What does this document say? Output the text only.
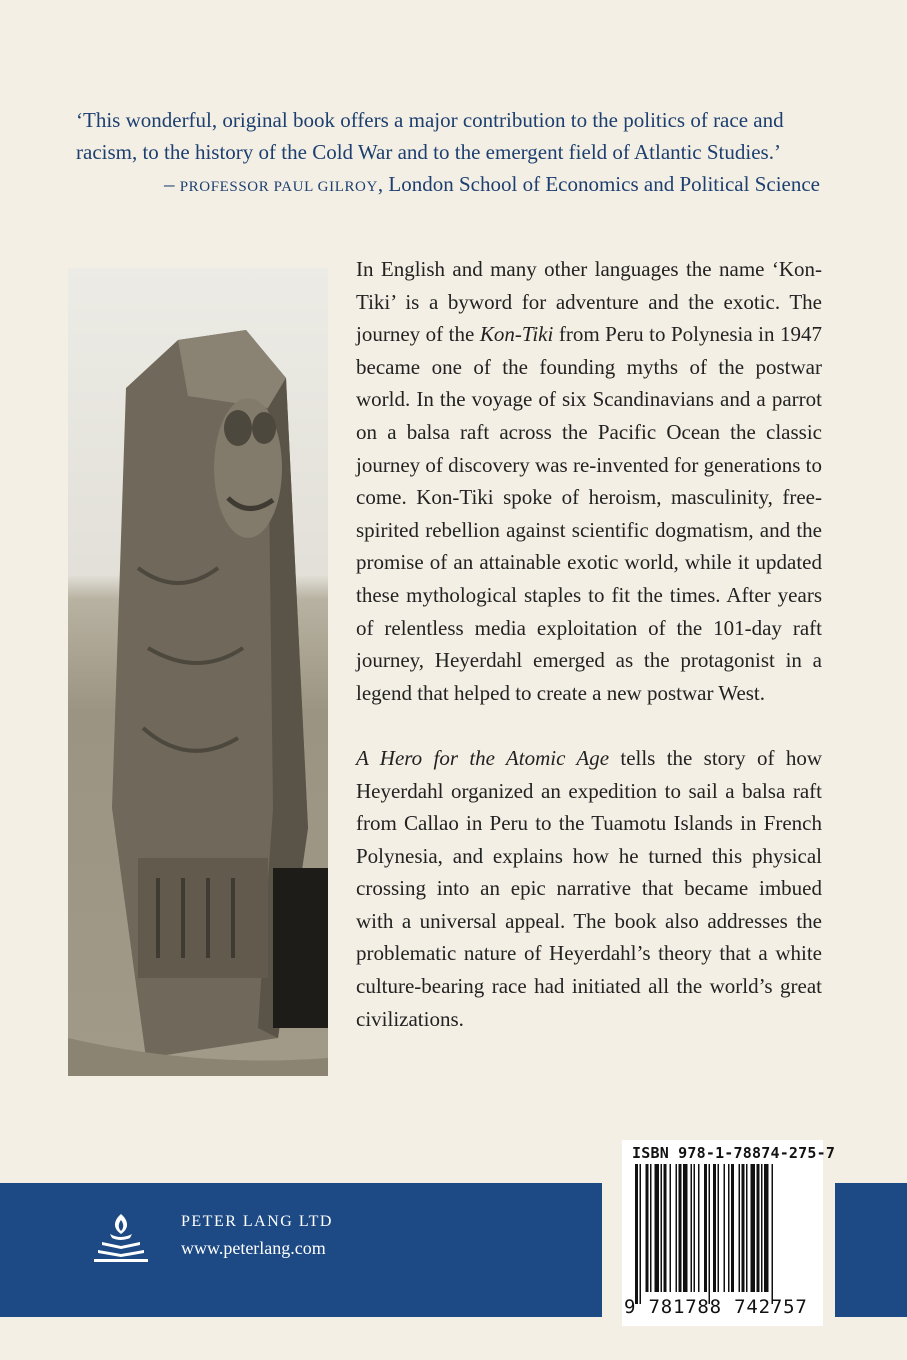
‘This wonderful, original book offers a major contribution to the politics of race and racism, to the history of the Cold War and to the emergent field of Atlantic Studies.’

– PROFESSOR PAUL GILROY, London School of Economics and Political Science

In English and many other languages the name ‘Kon-Tiki’ is a byword for adventure and the exotic. The journey of the Kon-Tiki from Peru to Polynesia in 1947 became one of the founding myths of the postwar world. In the voyage of six Scandinavians and a parrot on a balsa raft across the Pacific Ocean the classic journey of discovery was re-invented for generations to come. Kon-Tiki spoke of heroism, masculinity, free-spirited rebellion against scientific dogmatism, and the promise of an attainable exotic world, while it updated these mythological staples to fit the times. After years of relentless media exploitation of the 101-day raft journey, Heyerdahl emerged as the protagonist in a legend that helped to create a new postwar West.

A Hero for the Atomic Age tells the story of how Heyerdahl organized an expedition to sail a balsa raft from Callao in Peru to the Tuamotu Islands in French Polynesia, and explains how he turned this physical crossing into an epic narrative that became imbued with a universal appeal. The book also addresses the problematic nature of Heyerdahl’s theory that a white culture-bearing race had initiated all the world’s great civilizations.

PETER LANG LTD
www.peterlang.com
ISBN 978-1-78874-275-7
9 781788 742757
